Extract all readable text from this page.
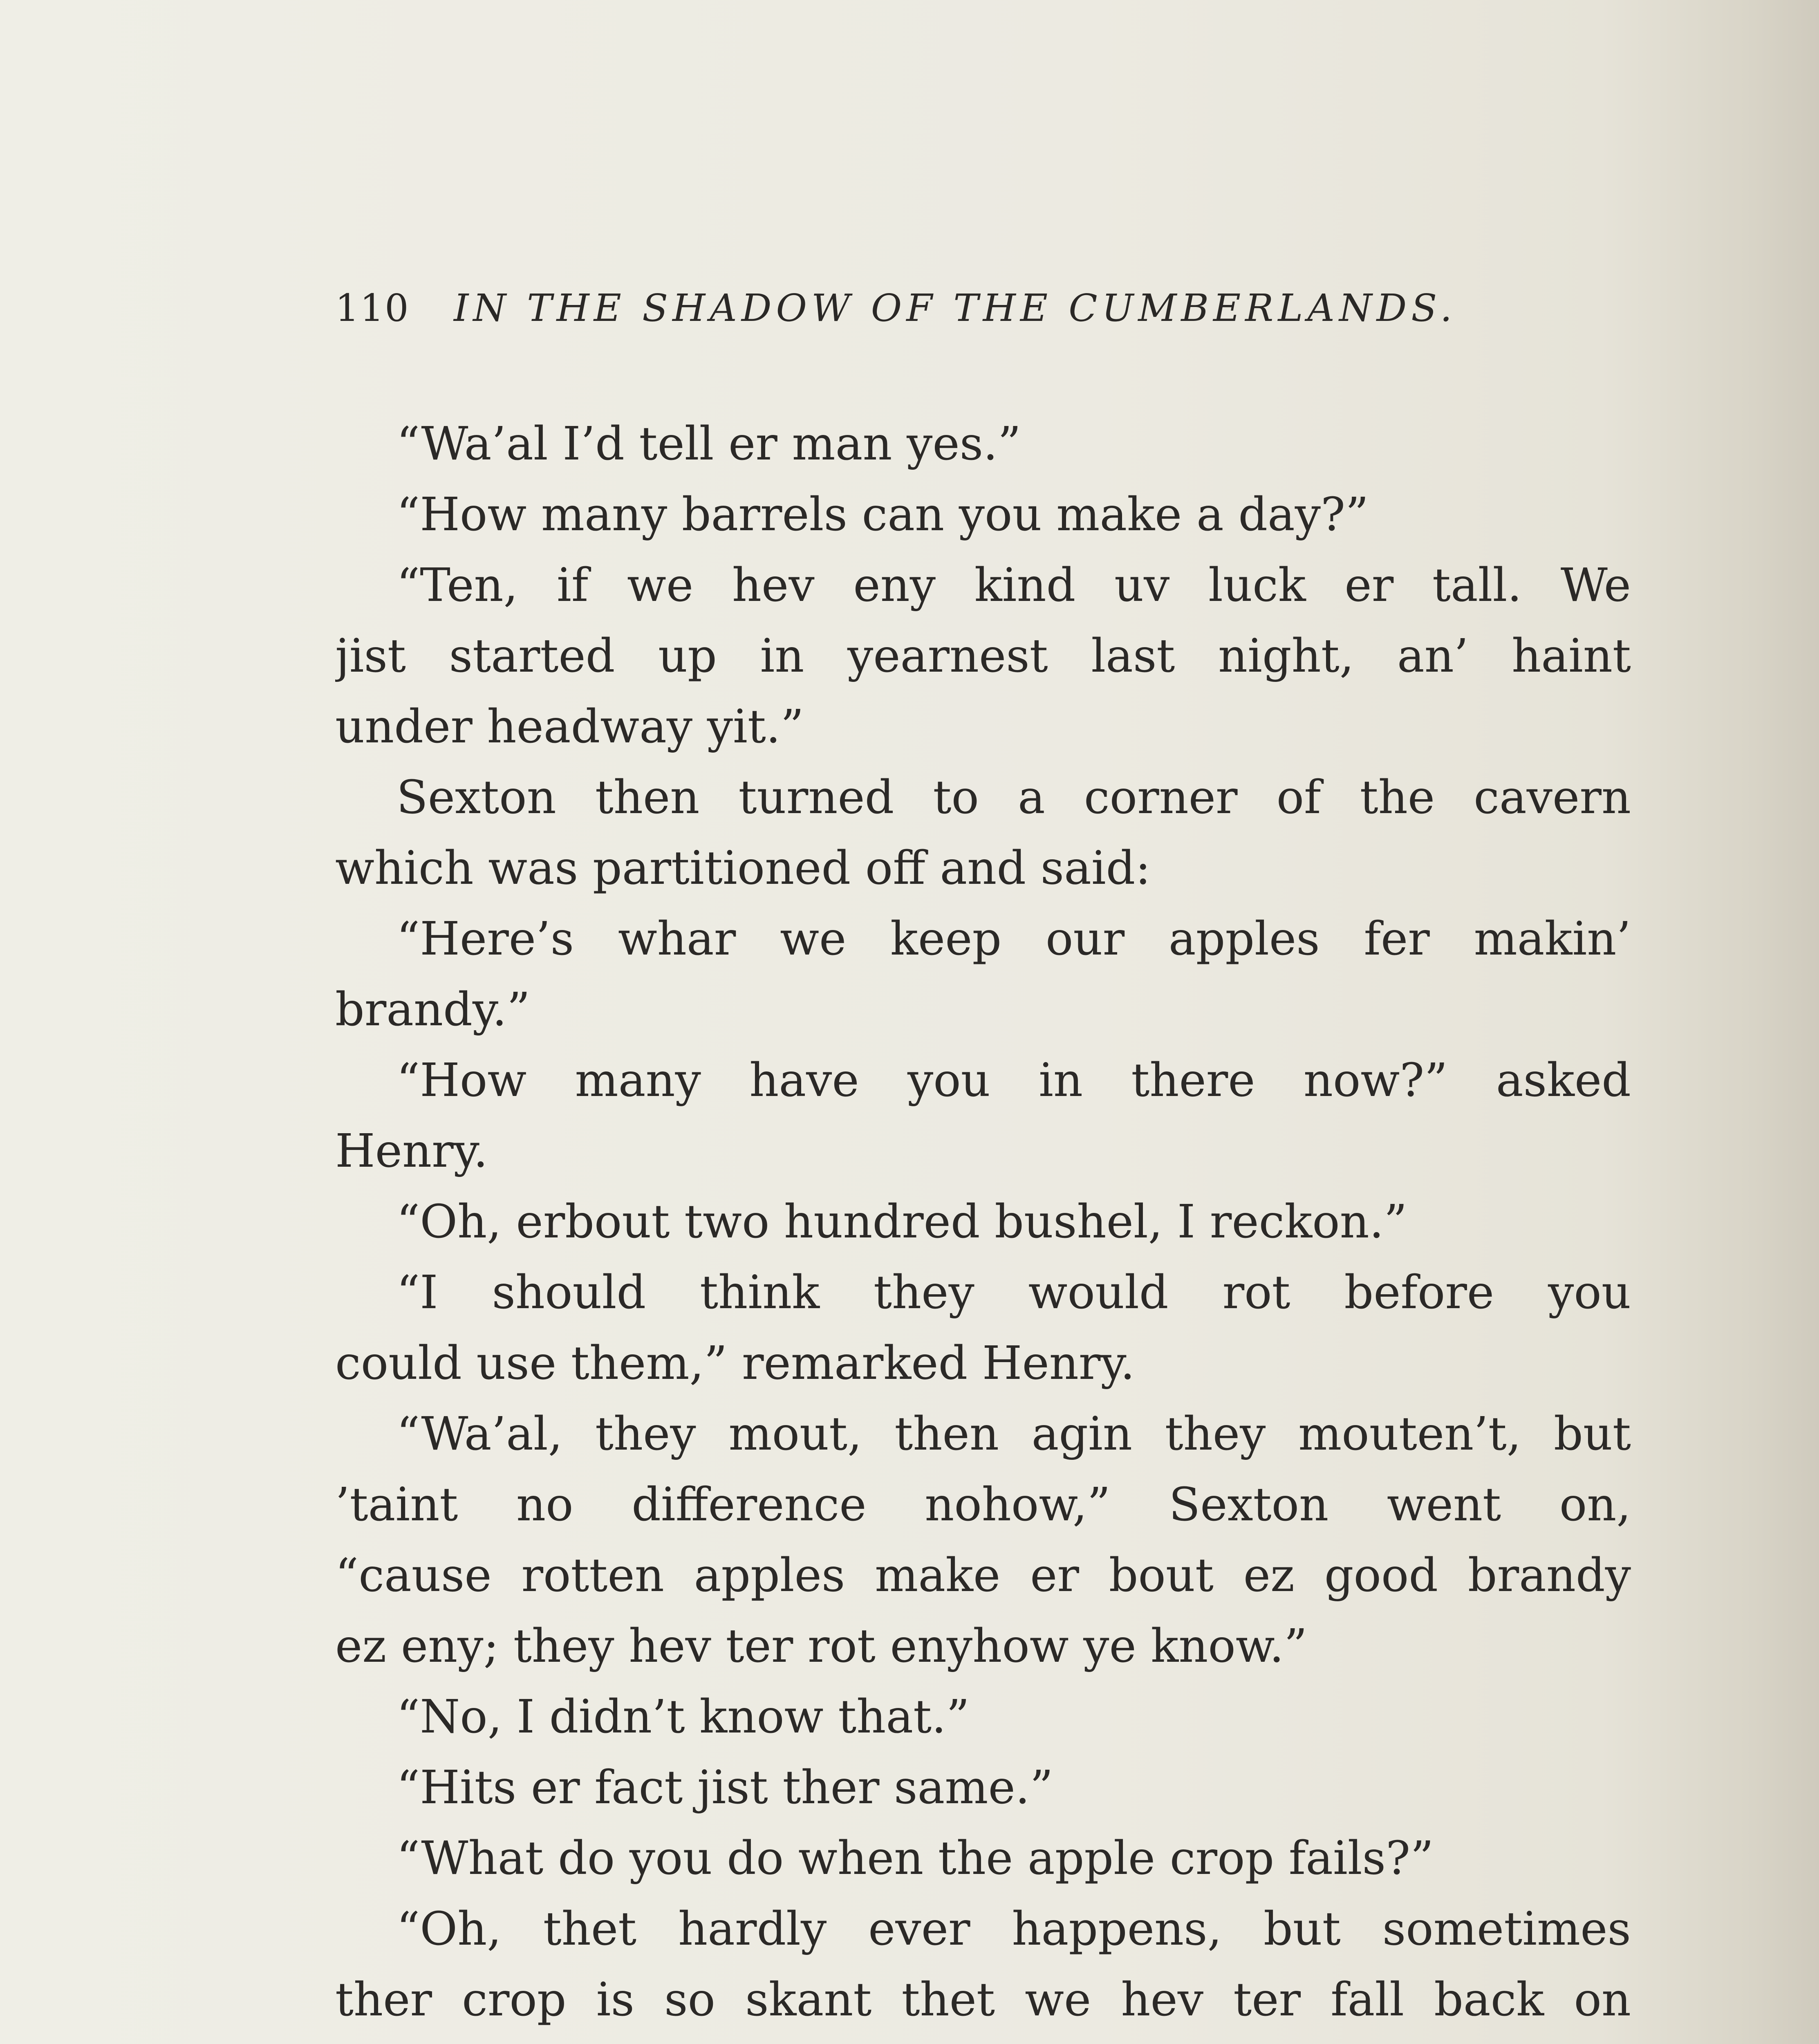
110 IN THE SHADOW OF THE CUMBERLANDS.
“Wa’al I’d tell er man yes.”
“How many barrels can you make a day?”
“Ten, if we hev eny kind uv luck er tall. We
jist started up in yearnest last night, an’ haint
under headway yit.”
Sexton then turned to a corner of the cavern
which was partitioned off and said:
“Here’s whar we keep our apples fer makin’
brandy.”
“How many have you in there now?” asked
Henry.
“Oh, erbout two hundred bushel, I reckon.”
“I should think they would rot before you
could use them,” remarked Henry.
“Wa’al, they mout, then agin they mouten’t, but
’taint no difference nohow,” Sexton went on,
“cause rotten apples make er bout ez good brandy
ez eny; they hev ter rot enyhow ye know.”
“No, I didn’t know that.”
“Hits er fact jist ther same.”
“What do you do when the apple crop fails?”
“Oh, thet hardly ever happens, but sometimes
ther crop is so skant thet we hev ter fall back on
